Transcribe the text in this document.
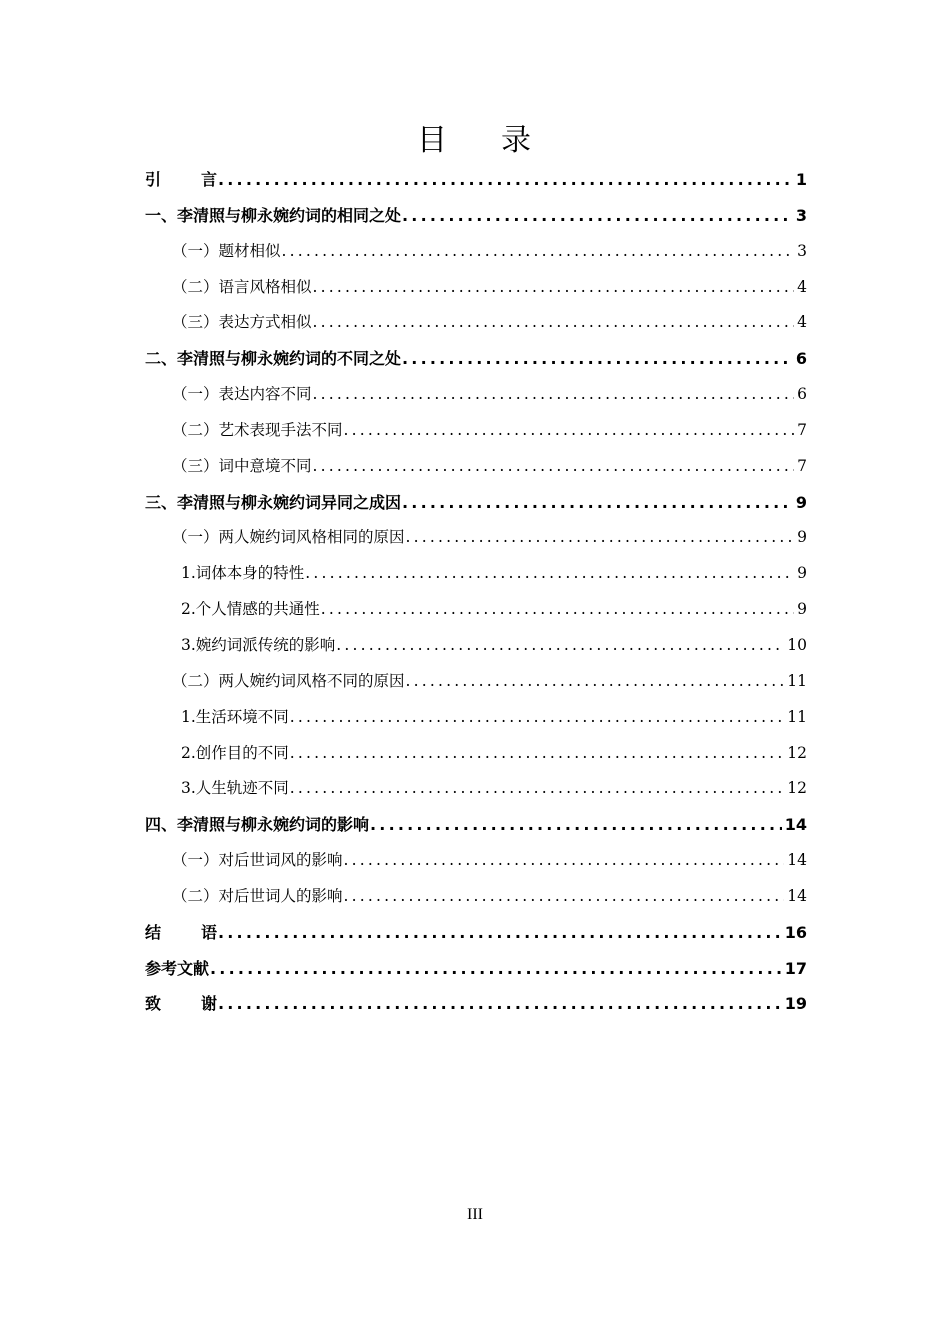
目 录
引 言 .....	1
一、李清照与柳永婉约词的相同之处 .....	3
（一）题材相似 .....	3
（二）语言风格相似 .....	4
（三）表达方式相似 .....	4
二、李清照与柳永婉约词的不同之处 .....	6
（一）表达内容不同 .....	6
（二）艺术表现手法不同 .....	7
（三）词中意境不同 .....	7
三、李清照与柳永婉约词异同之成因 .....	9
（一）两人婉约词风格相同的原因 .....	9
1.词体本身的特性 .....	9
2.个人情感的共通性 .....	9
3.婉约词派传统的影响 .....	10
（二）两人婉约词风格不同的原因 .....	11
1.生活环境不同 .....	11
2.创作目的不同 .....	12
3.人生轨迹不同 .....	12
四、李清照与柳永婉约词的影响 .....	14
（一）对后世词风的影响 .....	14
（二）对后世词人的影响 .....	14
结 语 .....	16
参考文献 .....	17
致 谢 .....	19
III
